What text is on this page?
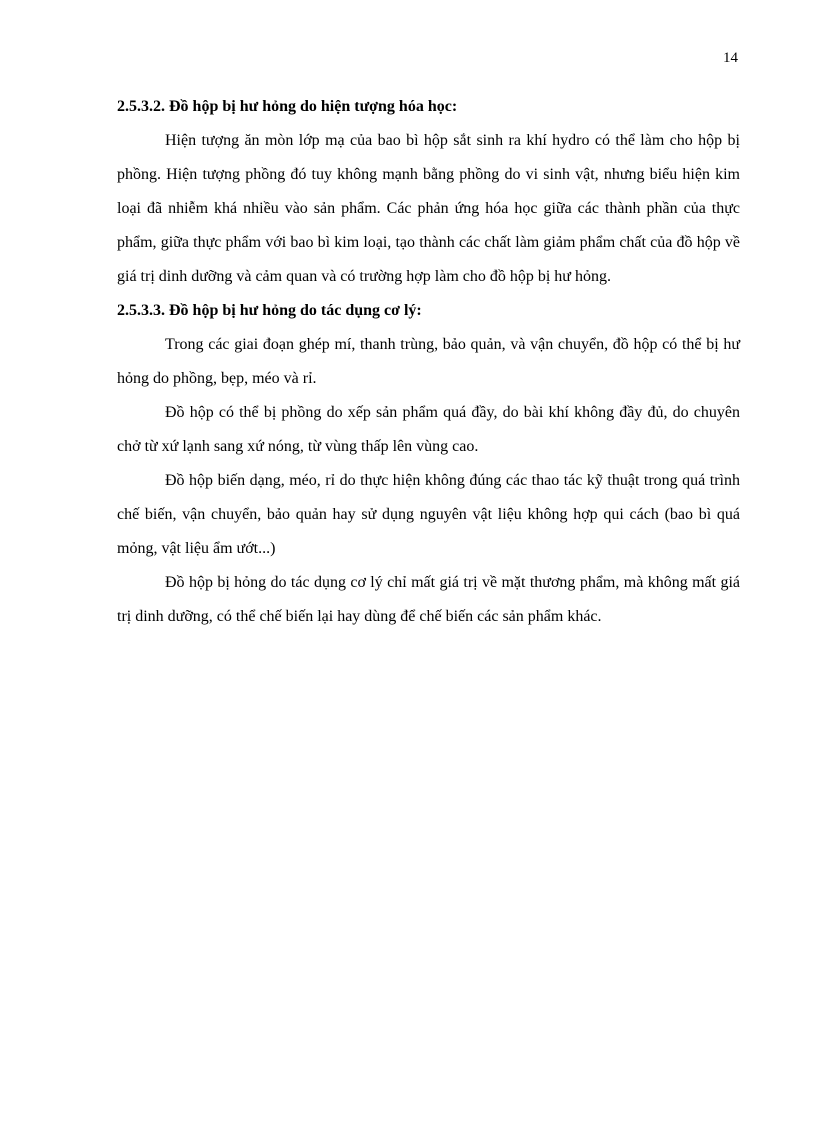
14

2.5.3.2. Đồ hộp bị hư hỏng do hiện tượng hóa học:

Hiện tượng ăn mòn lớp mạ của bao bì hộp sắt sinh ra khí hydro có thể làm cho hộp bị phồng. Hiện tượng phồng đó tuy không mạnh bằng phồng do vi sinh vật, nhưng biểu hiện kim loại đã nhiễm khá nhiều vào sản phẩm. Các phản ứng hóa học giữa các thành phần của thực phẩm, giữa thực phẩm với bao bì kim loại, tạo thành các chất làm giảm phẩm chất của đồ hộp về giá trị dinh dưỡng và cảm quan và có trường hợp làm cho đồ hộp bị hư hỏng.

2.5.3.3. Đồ hộp bị hư hỏng do tác dụng cơ lý:

Trong các giai đoạn ghép mí, thanh trùng, bảo quản, và vận chuyển, đồ hộp có thể bị hư hỏng do phồng, bẹp, méo và rỉ.

Đồ hộp có thể bị phồng do xếp sản phẩm quá đầy, do bài khí không đầy đủ, do chuyên chở từ xứ lạnh sang xứ nóng, từ vùng thấp lên vùng cao.

Đồ hộp biến dạng, méo, rỉ do thực hiện không đúng các thao tác kỹ thuật trong quá trình chế biến, vận chuyển, bảo quản hay sử dụng nguyên vật liệu không hợp qui cách (bao bì quá mỏng, vật liệu ẩm ướt...)

Đồ hộp bị hỏng do tác dụng cơ lý chỉ mất giá trị về mặt thương phẩm, mà không mất giá trị dinh dưỡng, có thể chế biến lại hay dùng để chế biến các sản phẩm khác.
